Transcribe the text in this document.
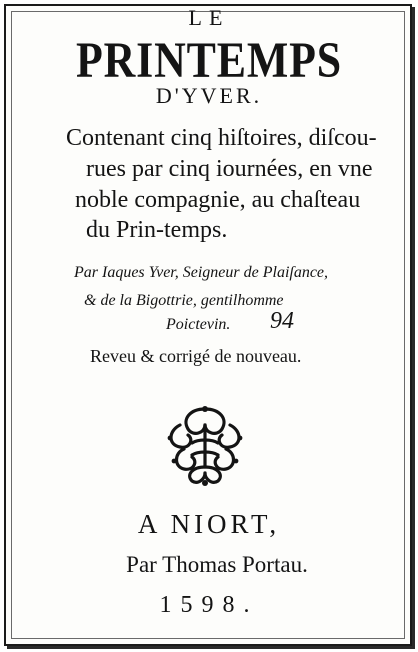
LE
PRINTEMPS
D'YVER.
Contenant cinq hiſtoires, diſcou-
rues par cinq iournées, en vne
noble compagnie, au chaſteau
du Prin-temps.
Par Iaques Yver, Seigneur de Plaiſance,
& de la Bigottrie, gentilhomme
Poictevin. 94
Reveu & corrigé de nouveau.
A NIORT,
Par Thomas Portau.
1598.
